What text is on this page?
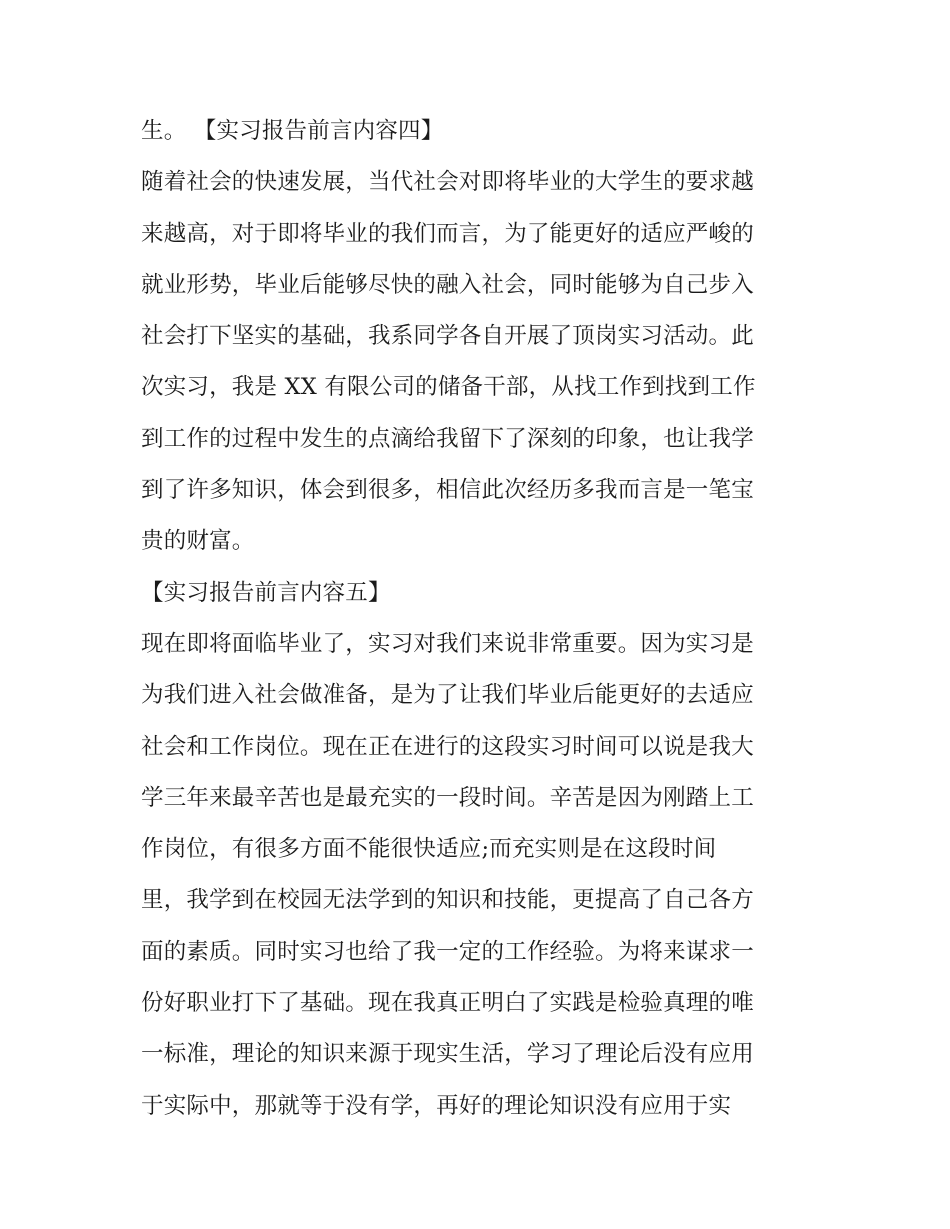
生。 【实习报告前言内容四】
随着社会的快速发展，当代社会对即将毕业的大学生的要求越
来越高，对于即将毕业的我们而言，为了能更好的适应严峻的
就业形势，毕业后能够尽快的融入社会，同时能够为自己步入
社会打下坚实的基础，我系同学各自开展了顶岗实习活动。此
次实习，我是 XX 有限公司的储备干部，从找工作到找到工作
到工作的过程中发生的点滴给我留下了深刻的印象，也让我学
到了许多知识，体会到很多，相信此次经历多我而言是一笔宝
贵的财富。
【实习报告前言内容五】
现在即将面临毕业了，实习对我们来说非常重要。因为实习是
为我们进入社会做准备，是为了让我们毕业后能更好的去适应
社会和工作岗位。现在正在进行的这段实习时间可以说是我大
学三年来最辛苦也是最充实的一段时间。辛苦是因为刚踏上工
作岗位，有很多方面不能很快适应;而充实则是在这段时间
里，我学到在校园无法学到的知识和技能，更提高了自己各方
面的素质。同时实习也给了我一定的工作经验。为将来谋求一
份好职业打下了基础。现在我真正明白了实践是检验真理的唯
一标准，理论的知识来源于现实生活，学习了理论后没有应用
于实际中，那就等于没有学，再好的理论知识没有应用于实
